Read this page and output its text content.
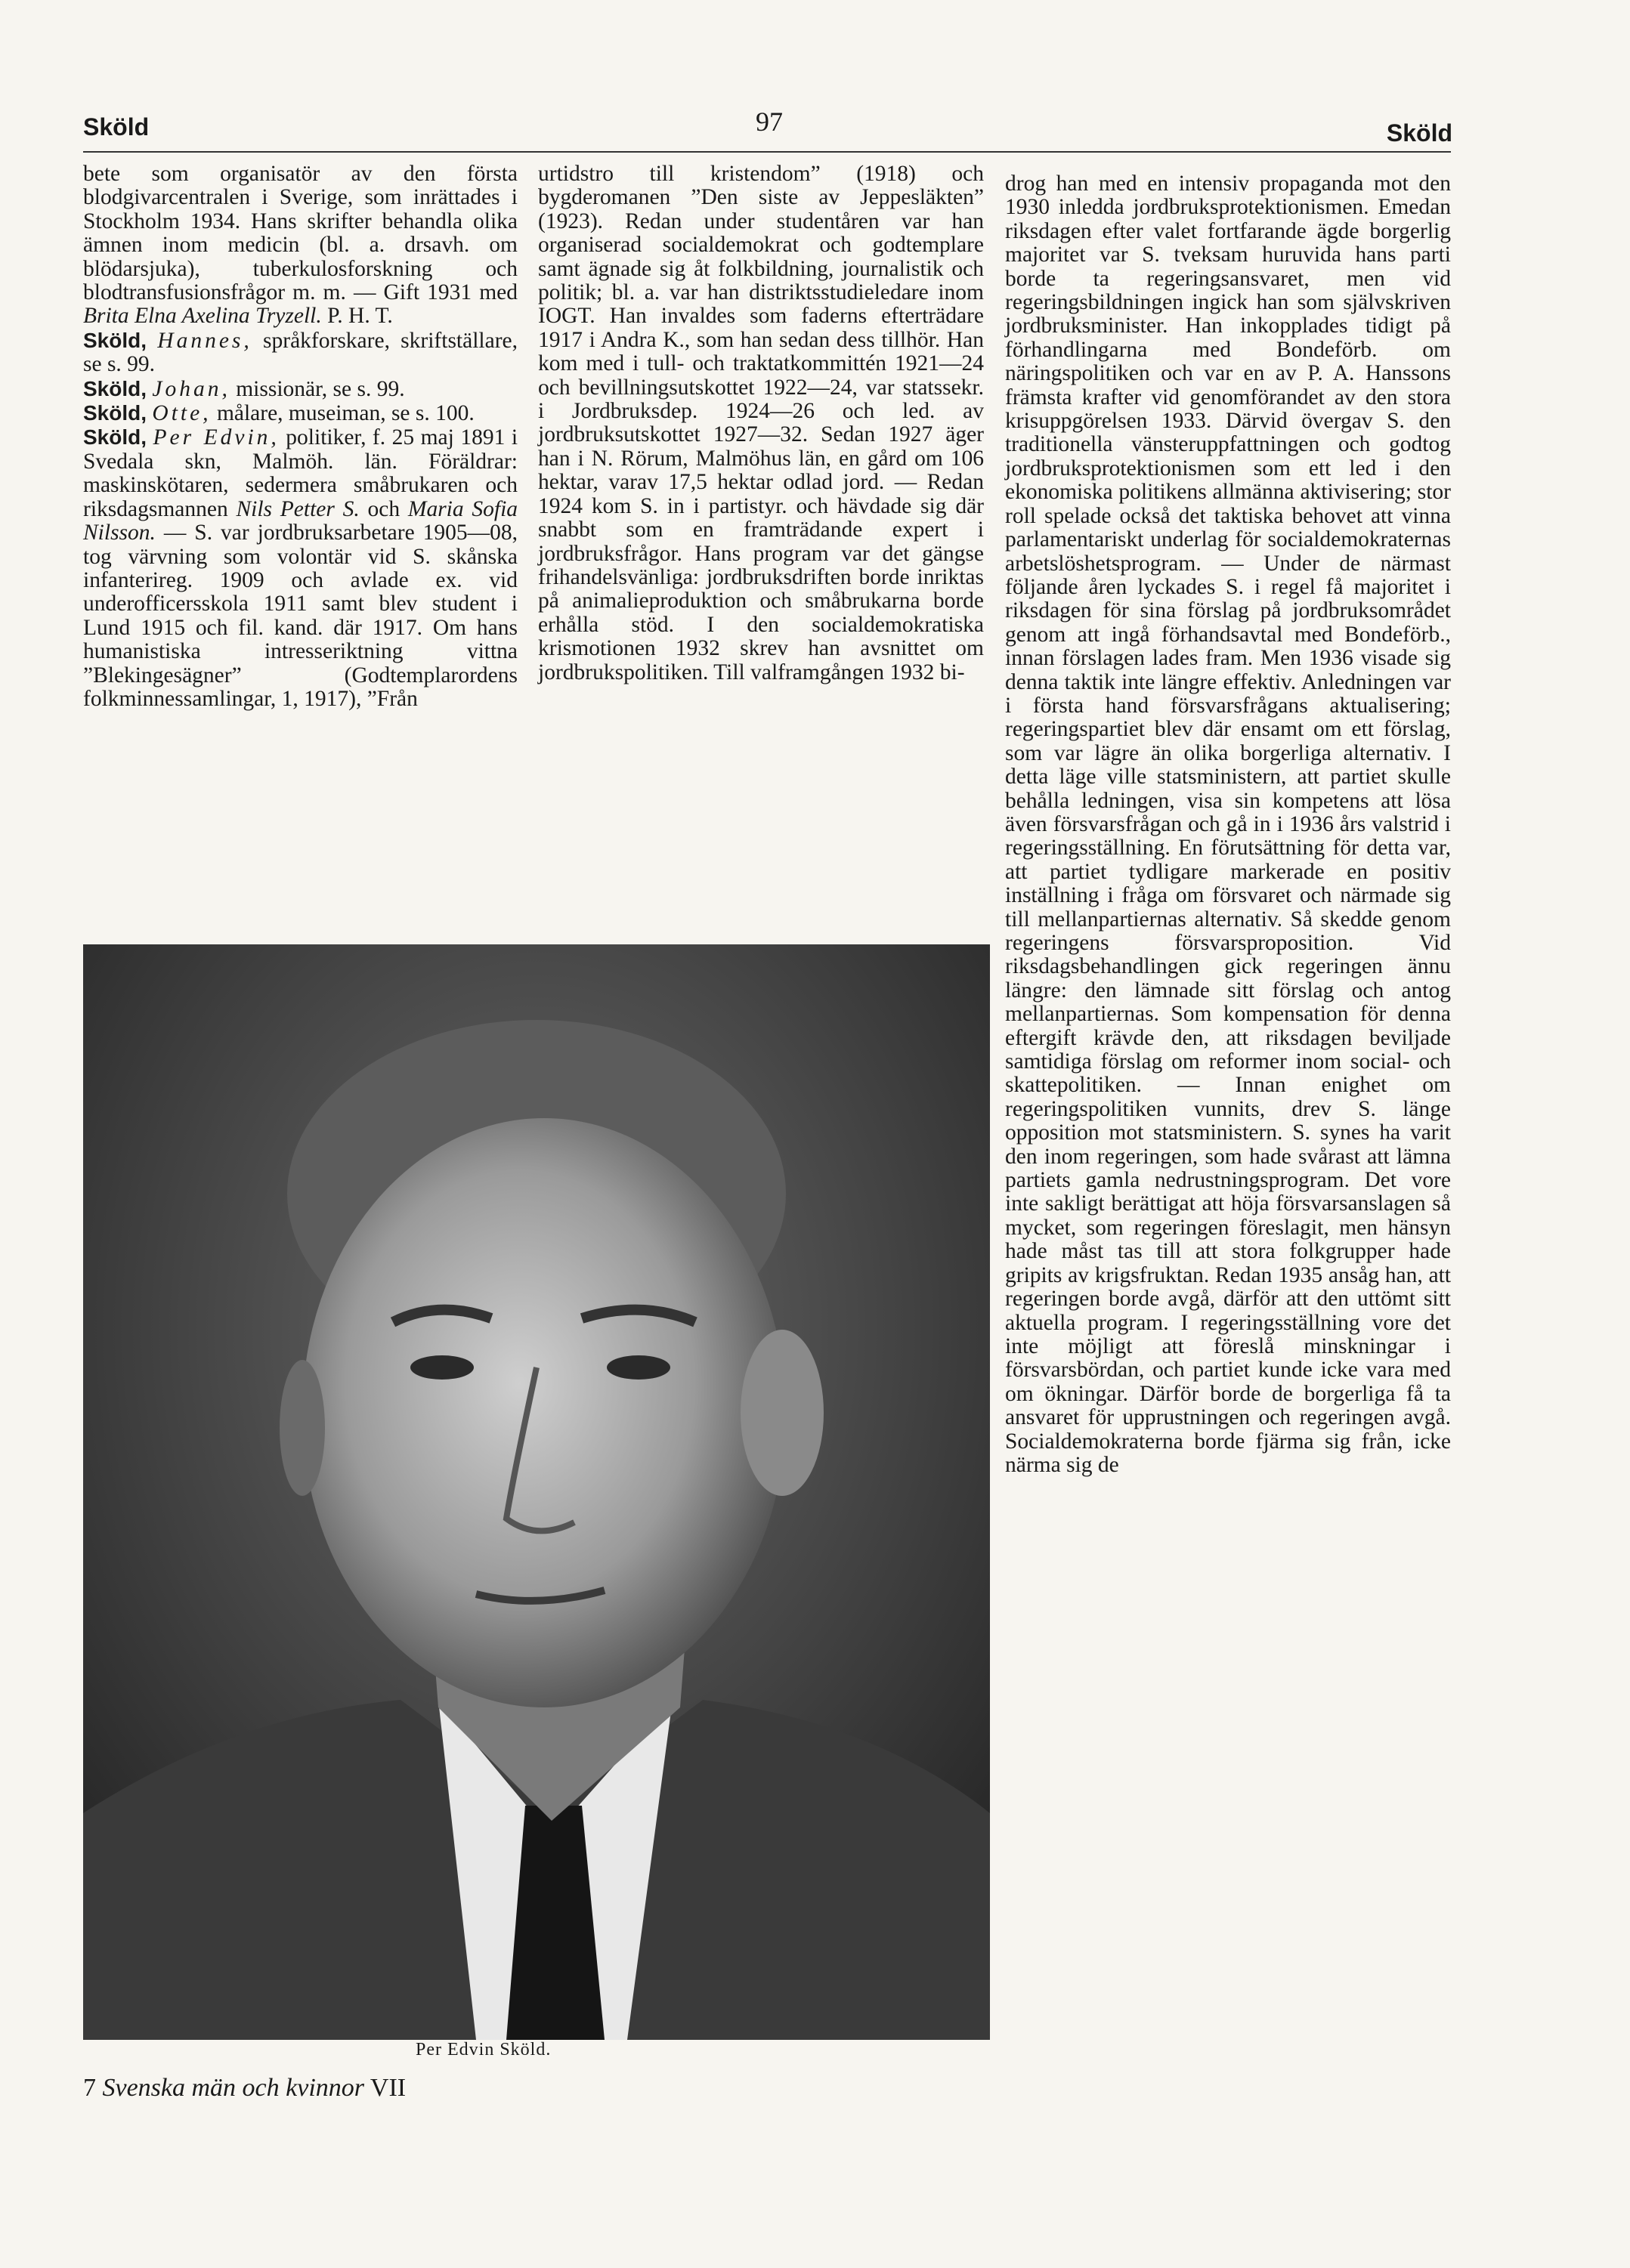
Sköld	97	Sköld

bete som organisatör av den första blodgivarcentralen i Sverige, som inrättades i Stockholm 1934. Hans skrifter behandla olika ämnen inom medicin (bl. a. drsavh. om blödarsjuka), tuberkulosforskning och blodtransfusionsfrågor m. m. — Gift 1931 med Brita Elna Axelina Tryzell. P. H. T.

Sköld, Hannes, språkforskare, skriftställare, se s. 99.

Sköld, Johan, missionär, se s. 99.

Sköld, Otte, målare, museiman, se s. 100.

Sköld, Per Edvin, politiker, f. 25 maj 1891 i Svedala skn, Malmöh. län. Föräldrar: maskinskötaren, sedermera småbrukaren och riksdagsmannen Nils Petter S. och Maria Sofia Nilsson. — S. var jordbruksarbetare 1905—08, tog värvning som volontär vid S. skånska infanterireg. 1909 och avlade ex. vid underofficersskola 1911 samt blev student i Lund 1915 och fil. kand. där 1917. Om hans humanistiska intresseriktning vittna ”Blekingesägner” (Godtemplarordens folkminnessamlingar, 1, 1917), ”Från

urtidstro till kristendom” (1918) och bygderomanen ”Den siste av Jeppesläkten” (1923). Redan under studentåren var han organiserad socialdemokrat och godtemplare samt ägnade sig åt folkbildning, journalistik och politik; bl. a. var han distriktsstudieledare inom IOGT. Han invaldes som faderns efterträdare 1917 i Andra K., som han sedan dess tillhör. Han kom med i tull- och traktatkommittén 1921—24 och bevillningsutskottet 1922—24, var statssekr. i Jordbruksdep. 1924—26 och led. av jordbruksutskottet 1927—32. Sedan 1927 äger han i N. Rörum, Malmöhus län, en gård om 106 hektar, varav 17,5 hektar odlad jord. — Redan 1924 kom S. in i partistyr. och hävdade sig där snabbt som en framträdande expert i jordbruksfrågor. Hans program var det gängse frihandelsvänliga: jordbruksdriften borde inriktas på animalieproduktion och småbrukarna borde erhålla stöd. I den socialdemokratiska krismotionen 1932 skrev han avsnittet om jordbrukspolitiken. Till valframgången 1932 bi-

drog han med en intensiv propaganda mot den 1930 inledda jordbruksprotektionismen. Emedan riksdagen efter valet fortfarande ägde borgerlig majoritet var S. tveksam huruvida hans parti borde ta regeringsansvaret, men vid regeringsbildningen ingick han som självskriven jordbruksminister. Han inkopplades tidigt på förhandlingarna med Bondeförb. om näringspolitiken och var en av P. A. Hanssons främsta krafter vid genomförandet av den stora krisuppgörelsen 1933. Därvid övergav S. den traditionella vänsteruppfattningen och godtog jordbruksprotektionismen som ett led i den ekonomiska politikens allmänna aktivisering; stor roll spelade också det taktiska behovet att vinna parlamentariskt underlag för socialdemokraternas arbetslöshetsprogram. — Under de närmast följande åren lyckades S. i regel få majoritet i riksdagen för sina förslag på jordbruksområdet genom att ingå förhandsavtal med Bondeförb., innan förslagen lades fram. Men 1936 visade sig denna taktik inte längre effektiv. Anledningen var i första hand försvarsfrågans aktualisering; regeringspartiet blev där ensamt om ett förslag, som var lägre än olika borgerliga alternativ. I detta läge ville statsministern, att partiet skulle behålla ledningen, visa sin kompetens att lösa även försvarsfrågan och gå in i 1936 års valstrid i regeringsställning. En förutsättning för detta var, att partiet tydligare markerade en positiv inställning i fråga om försvaret och närmade sig till mellanpartiernas alternativ. Så skedde genom regeringens försvarsproposition. Vid riksdagsbehandlingen gick regeringen ännu längre: den lämnade sitt förslag och antog mellanpartiernas. Som kompensation för denna eftergift krävde den, att riksdagen beviljade samtidiga förslag om reformer inom social- och skattepolitiken. — Innan enighet om regeringspolitiken vunnits, drev S. länge opposition mot statsministern. S. synes ha varit den inom regeringen, som hade svårast att lämna partiets gamla nedrustningsprogram. Det vore inte sakligt berättigat att höja försvarsanslagen så mycket, som regeringen föreslagit, men hänsyn hade måst tas till att stora folkgrupper hade gripits av krigsfruktan. Redan 1935 ansåg han, att regeringen borde avgå, därför att den uttömt sitt aktuella program. I regeringsställning vore det inte möjligt att föreslå minskningar i försvarsbördan, och partiet kunde icke vara med om ökningar. Därför borde de borgerliga få ta ansvaret för upprustningen och regeringen avgå. Socialdemokraterna borde fjärma sig från, icke närma sig de

Per Edvin Sköld.
7 Svenska män och kvinnor VII
